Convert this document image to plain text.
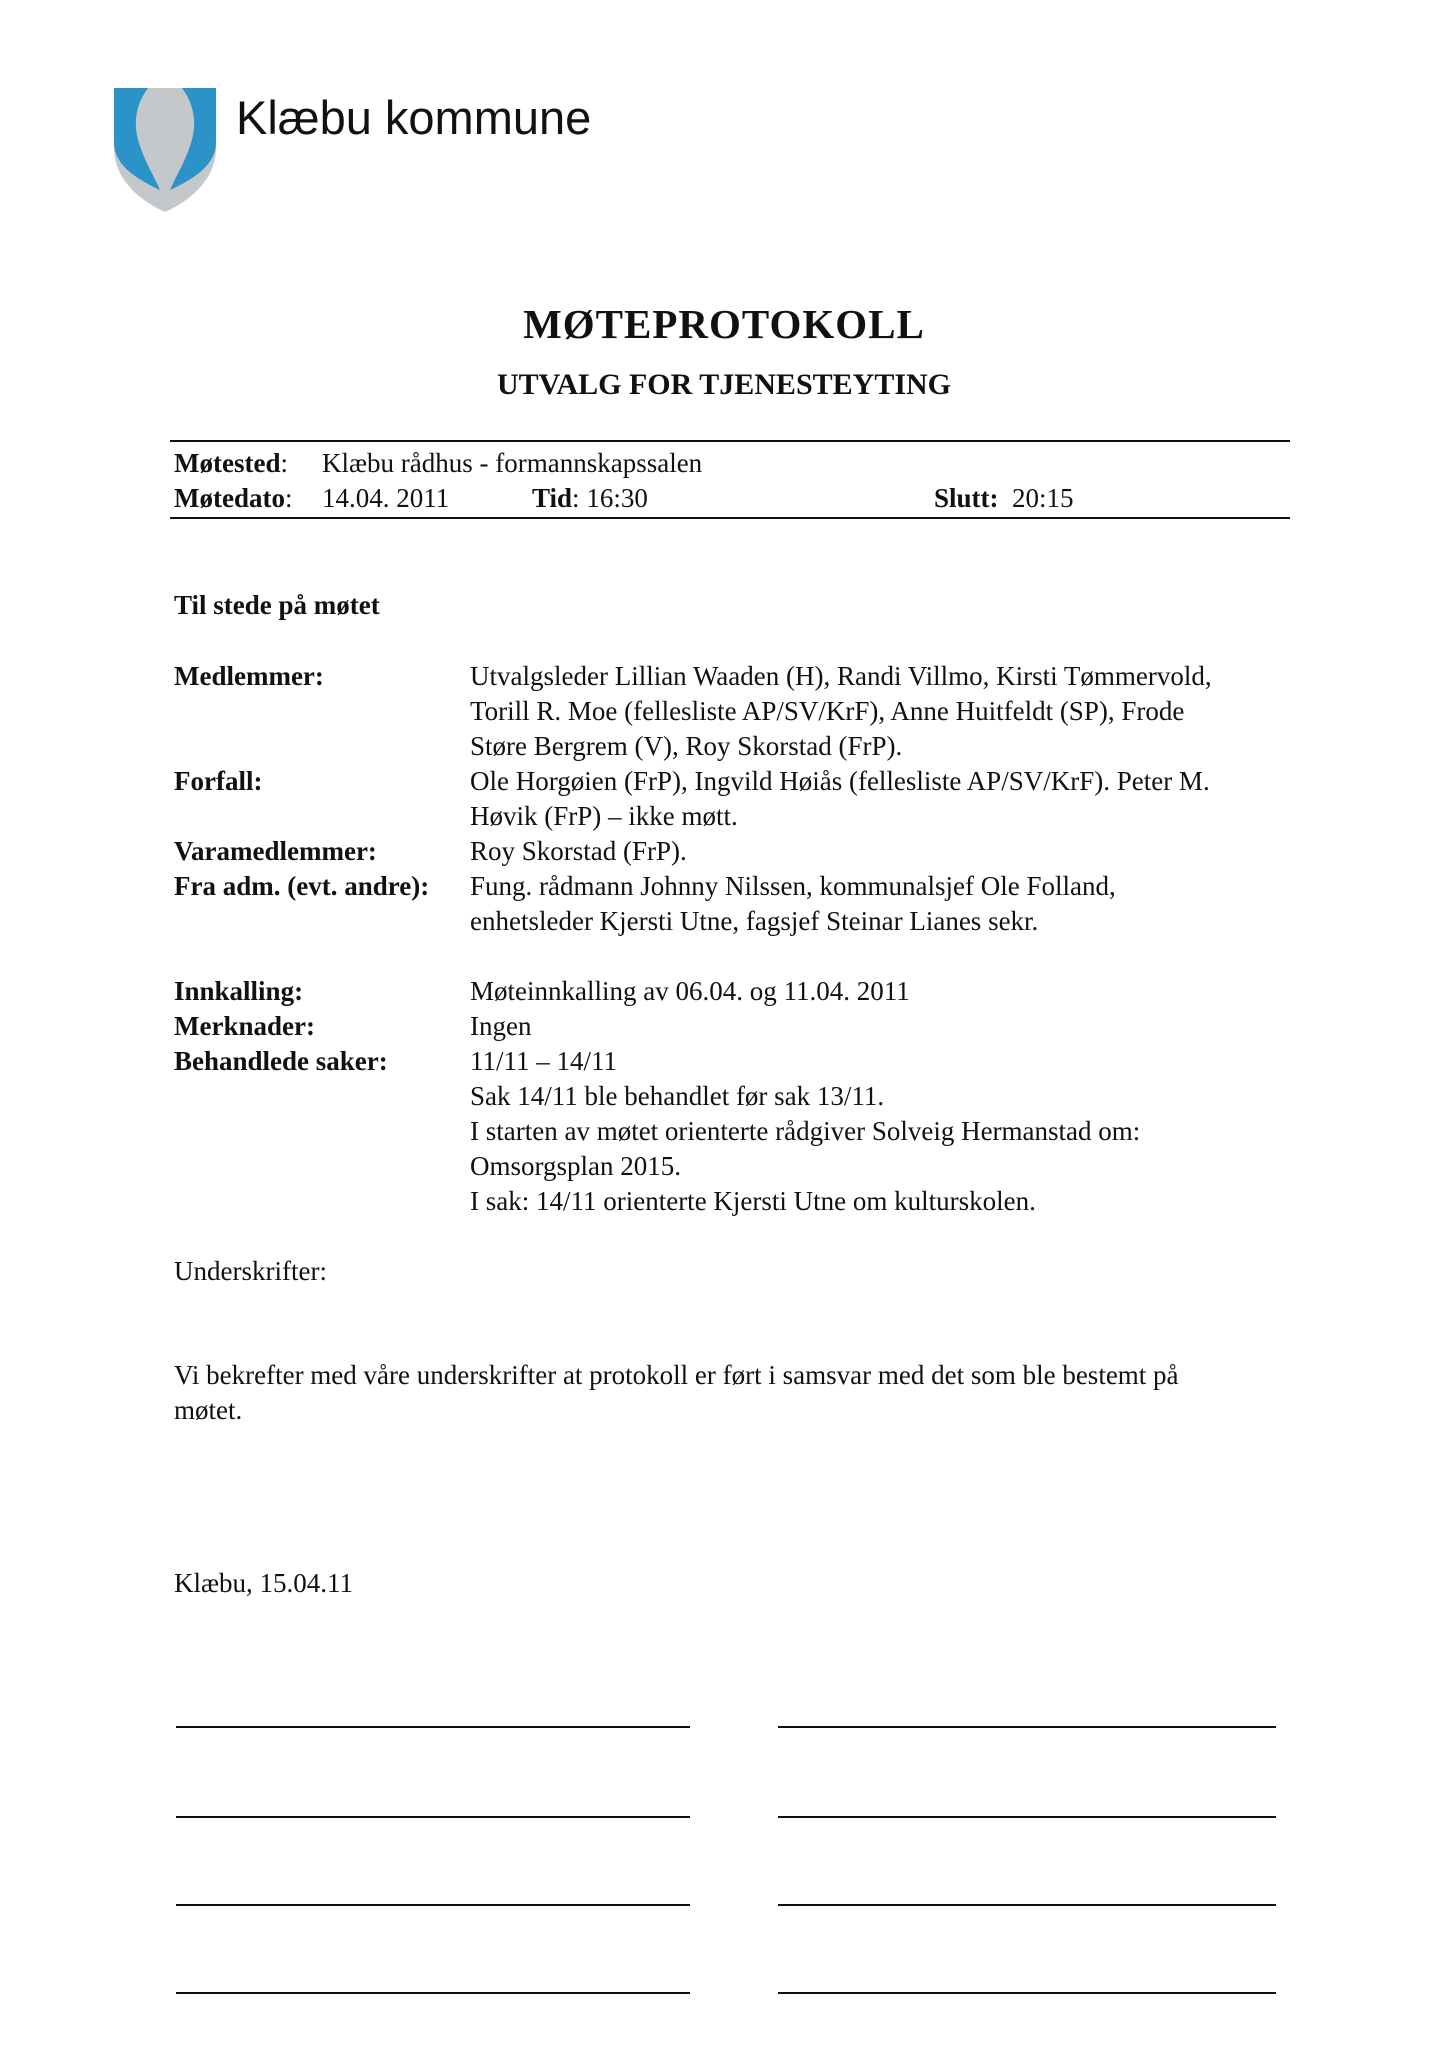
Klæbu kommune
MØTEPROTOKOLL
UTVALG FOR TJENESTEYTING
Møtested: Klæbu rådhus - formannskapssalen
Møtedato: 14.04. 2011	Tid: 16:30	Slutt: 20:15
Til stede på møtet
Medlemmer:	Utvalgsleder Lillian Waaden (H), Randi Villmo, Kirsti Tømmervold,
Torill R. Moe (fellesliste AP/SV/KrF), Anne Huitfeldt (SP), Frode
Støre Bergrem (V), Roy Skorstad (FrP).
Forfall:	Ole Horgøien (FrP), Ingvild Høiås (fellesliste AP/SV/KrF). Peter M.
Høvik (FrP) – ikke møtt.
Varamedlemmer:	Roy Skorstad (FrP).
Fra adm. (evt. andre): Fung. rådmann Johnny Nilssen, kommunalsjef Ole Folland,
enhetsleder Kjersti Utne, fagsjef Steinar Lianes sekr.
Innkalling:	Møteinnkalling av 06.04. og 11.04. 2011
Merknader:	Ingen
Behandlede saker:	11/11 – 14/11
Sak 14/11 ble behandlet før sak 13/11.
I starten av møtet orienterte rådgiver Solveig Hermanstad om:
Omsorgsplan 2015.
I sak: 14/11 orienterte Kjersti Utne om kulturskolen.
Underskrifter:
Vi bekrefter med våre underskrifter at protokoll er ført i samsvar med det som ble bestemt på
møtet.
Klæbu, 15.04.11
